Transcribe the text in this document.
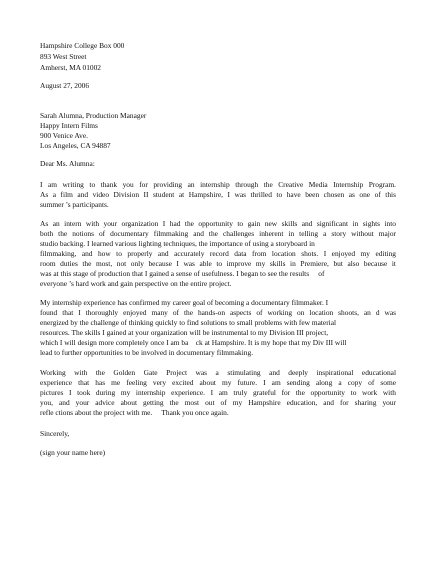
Hampshire College Box 000
893 West Street
Amherst, MA 01002
August 27, 2006
Sarah Alumna, Production Manager
Happy Intern Films
900 Venice Ave.
Los Angeles, CA 94887
Dear Ms. Alumna:
I am writing to thank you for providing an internship through the Creative Media Internship Program.
As a film and video Division II student at Hampshire, I was thrilled to have been chosen as one of this
summer ’s participants.
As an intern with your organization I had the opportunity to gain new skills and significant in sights into
both the notions of documentary filmmaking and the challenges inherent in telling a story without major
studio backing. I learned various lighting techniques, the importance of using a storyboard in
filmmaking, and how to properly and accurately record data from location shots. I enjoyed my editing
room duties the most, not only because I was able to improve my skills in Premiere, but also because it
was at this stage of production that I gained a sense of usefulness. I began to see the results     of
everyone ’s hard work and gain perspective on the entire project.
My internship experience has confirmed my career goal of becoming a documentary filmmaker. I
found that I thoroughly enjoyed many of the hands-on aspects of working on location shoots, an d was
energized by the challenge of thinking quickly to find solutions to small problems with few material
resources. The skills I gained at your organization will be instrumental to my Division III project,
which I will design more completely once I am ba    ck at Hampshire. It is my hope that my Div III will
lead to further opportunities to be involved in documentary filmmaking.
Working with the Golden Gate Project was a stimulating and deeply inspirational educational
experience that has me feeling very excited about my future. I am sending along a copy of some
pictures I took during my internship experience. I am truly grateful for the opportunity to work with
you, and your advice about getting the most out of my Hampshire education, and for sharing your
refle ctions about the project with me.     Thank you once again.
Sincerely,
(sign your name here)
